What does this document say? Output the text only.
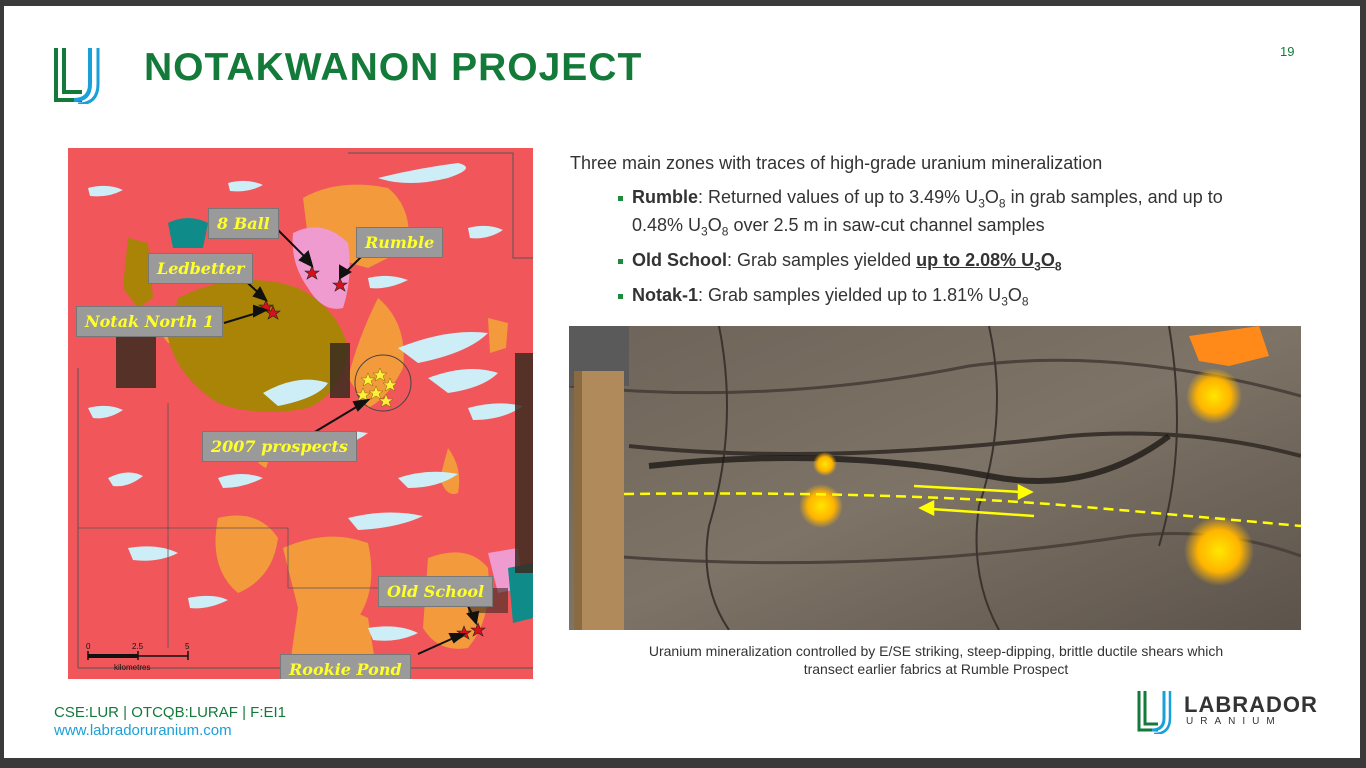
NOTAKWANON PROJECT	19
0	2.5	5
kilometres
8 Ball
Rumble
Ledbetter
Notak North 1
2007 prospects
Old School
Rookie Pond
Three main zones with traces of high-grade uranium mineralization
Rumble: Returned values of up to 3.49% $U_3O_8$ in grab samples, and up to
0.48% $U_3O_8$ over 2.5 m in saw-cut channel samples
Old School: Grab samples yielded up to 2.08% $U_3O_8$
Notak-1: Grab samples yielded up to 1.81% $U_3O_8$
Uranium mineralization controlled by E/SE striking, steep-dipping, brittle ductile shears which
transect earlier fabrics at Rumble Prospect
CSE:LUR | OTCQB:LURAF | F:EI1
www.labradoruranium.com
LABRADOR
URANIUM
